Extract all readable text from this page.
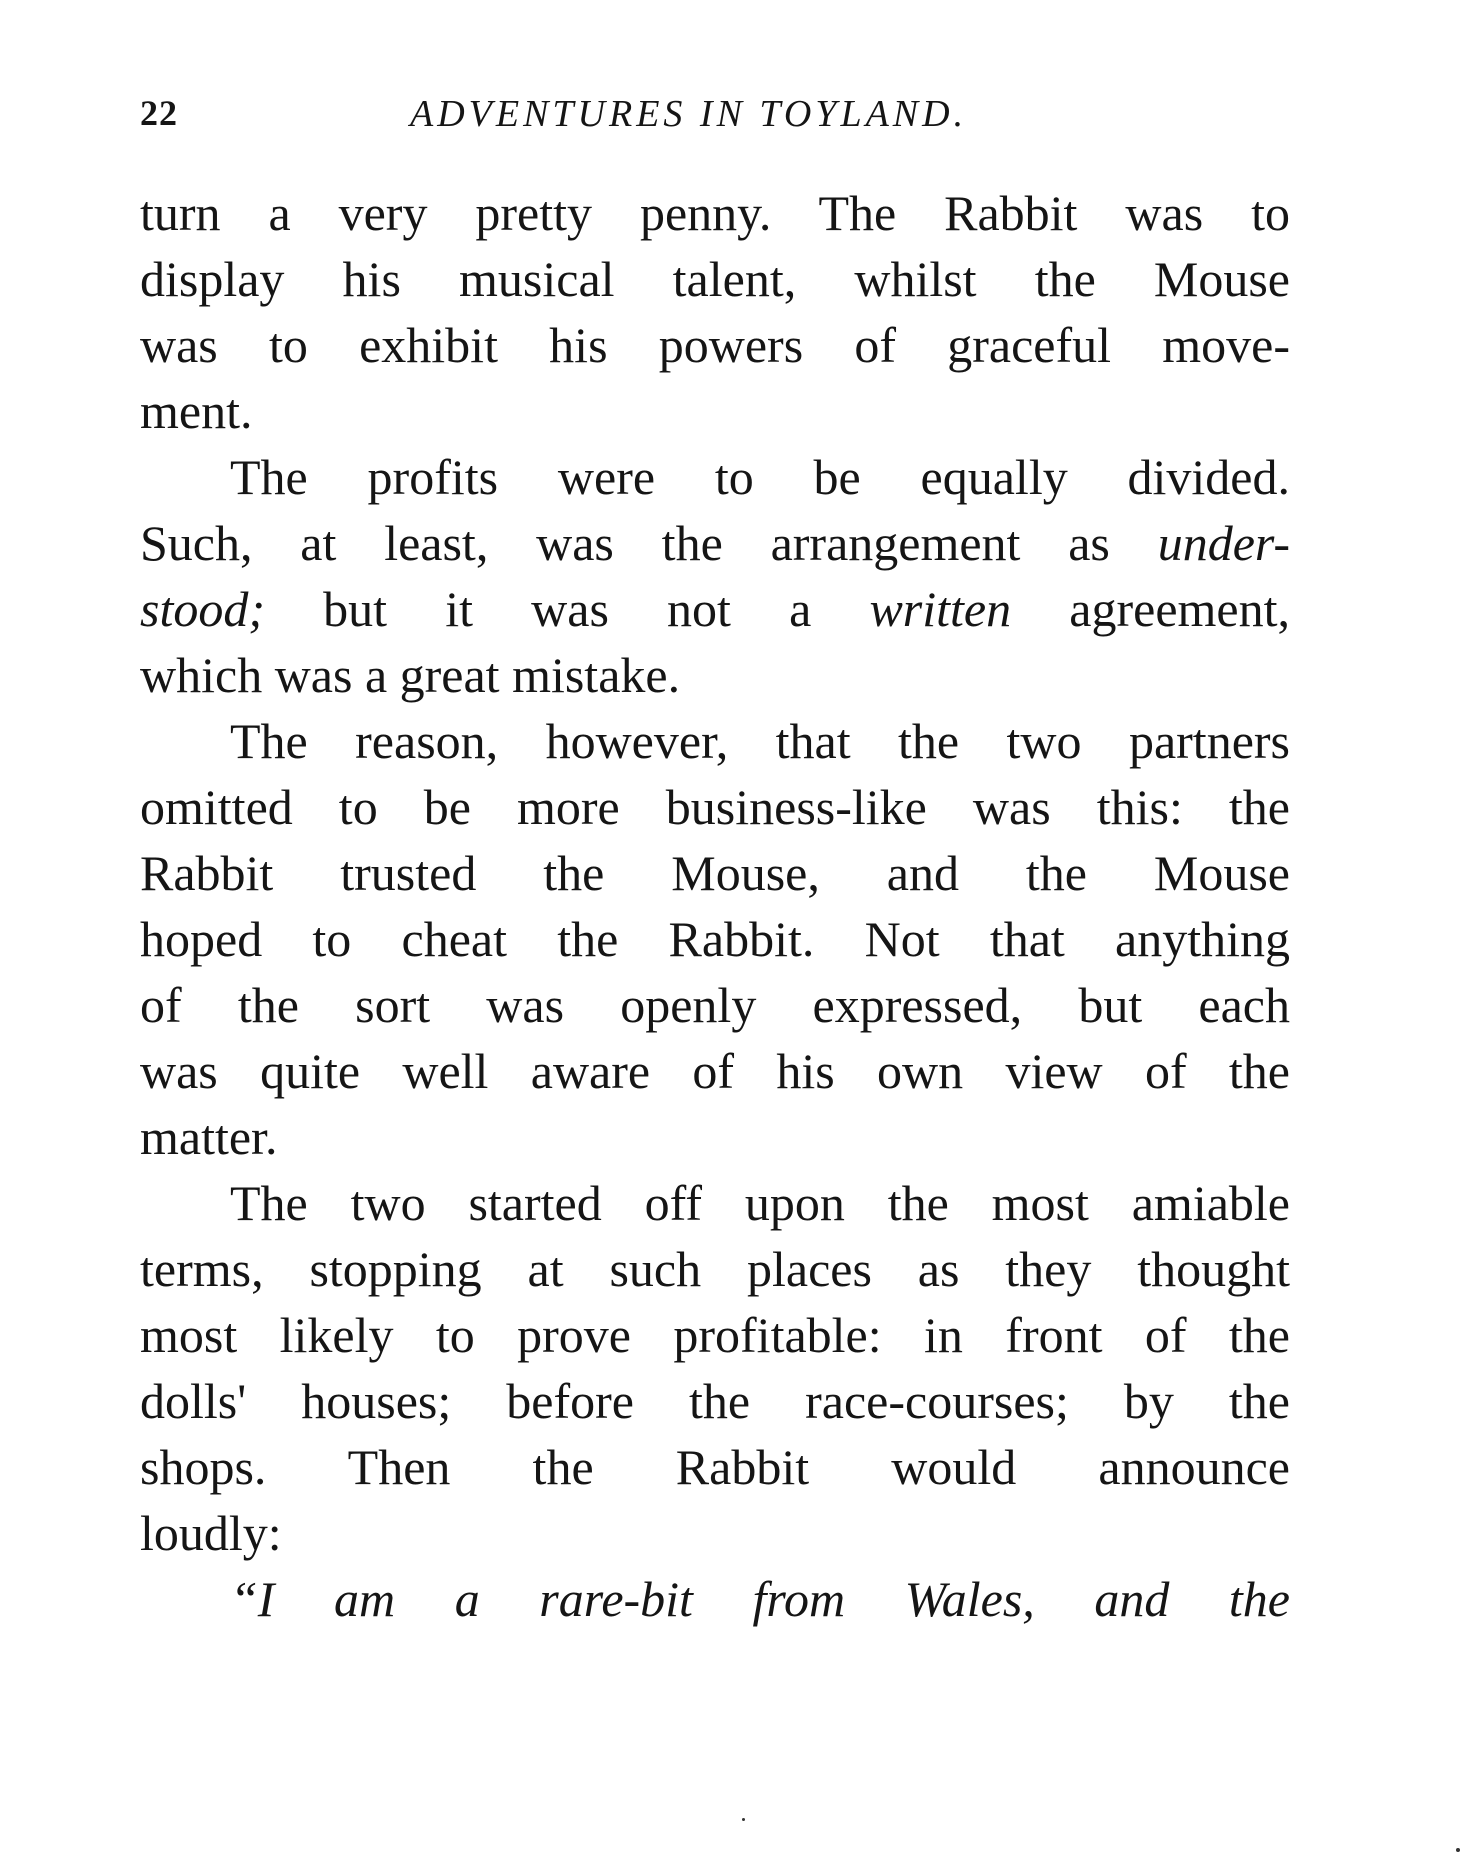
22	ADVENTURES IN TOYLAND.
turn a very pretty penny. The Rabbit was to
display his musical talent, whilst the Mouse
was to exhibit his powers of graceful move-
ment.
The profits were to be equally divided.
Such, at least, was the arrangement as under-
stood; but it was not a written agreement,
which was a great mistake.
The reason, however, that the two partners
omitted to be more business-like was this: the
Rabbit trusted the Mouse, and the Mouse
hoped to cheat the Rabbit. Not that anything
of the sort was openly expressed, but each
was quite well aware of his own view of the
matter.
The two started off upon the most amiable
terms, stopping at such places as they thought
most likely to prove profitable: in front of the
dolls' houses; before the race-courses; by the
shops. Then the Rabbit would announce
loudly:
“I am a rare-bit from Wales, and the
